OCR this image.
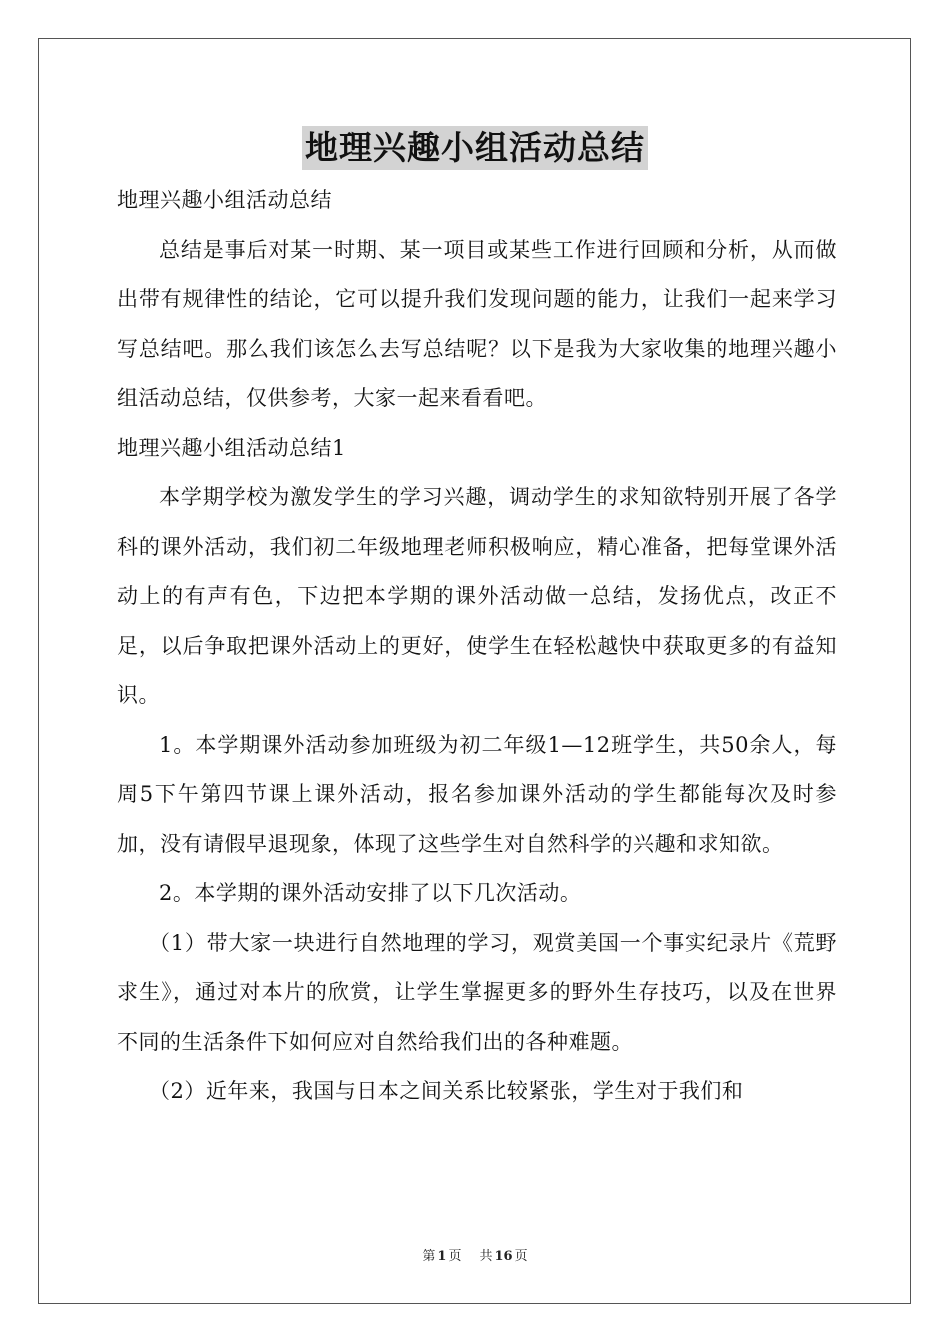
地理兴趣小组活动总结

地理兴趣小组活动总结

总结是事后对某一时期、某一项目或某些工作进行回顾和分析，从而做出带有规律性的结论，它可以提升我们发现问题的能力，让我们一起来学习写总结吧。那么我们该怎么去写总结呢？以下是我为大家收集的地理兴趣小组活动总结，仅供参考，大家一起来看看吧。

地理兴趣小组活动总结1

本学期学校为激发学生的学习兴趣，调动学生的求知欲特别开展了各学科的课外活动，我们初二年级地理老师积极响应，精心准备，把每堂课外活动上的有声有色，下边把本学期的课外活动做一总结，发扬优点，改正不足，以后争取把课外活动上的更好，使学生在轻松越快中获取更多的有益知识。

1。本学期课外活动参加班级为初二年级1—12班学生，共50余人，每周5下午第四节课上课外活动，报名参加课外活动的学生都能每次及时参加，没有请假早退现象，体现了这些学生对自然科学的兴趣和求知欲。

2。本学期的课外活动安排了以下几次活动。

（1）带大家一块进行自然地理的学习，观赏美国一个事实纪录片《荒野求生》，通过对本片的欣赏，让学生掌握更多的野外生存技巧，以及在世界不同的生活条件下如何应对自然给我们出的各种难题。

（2）近年来，我国与日本之间关系比较紧张，学生对于我们和

第 1 页 共 16 页
